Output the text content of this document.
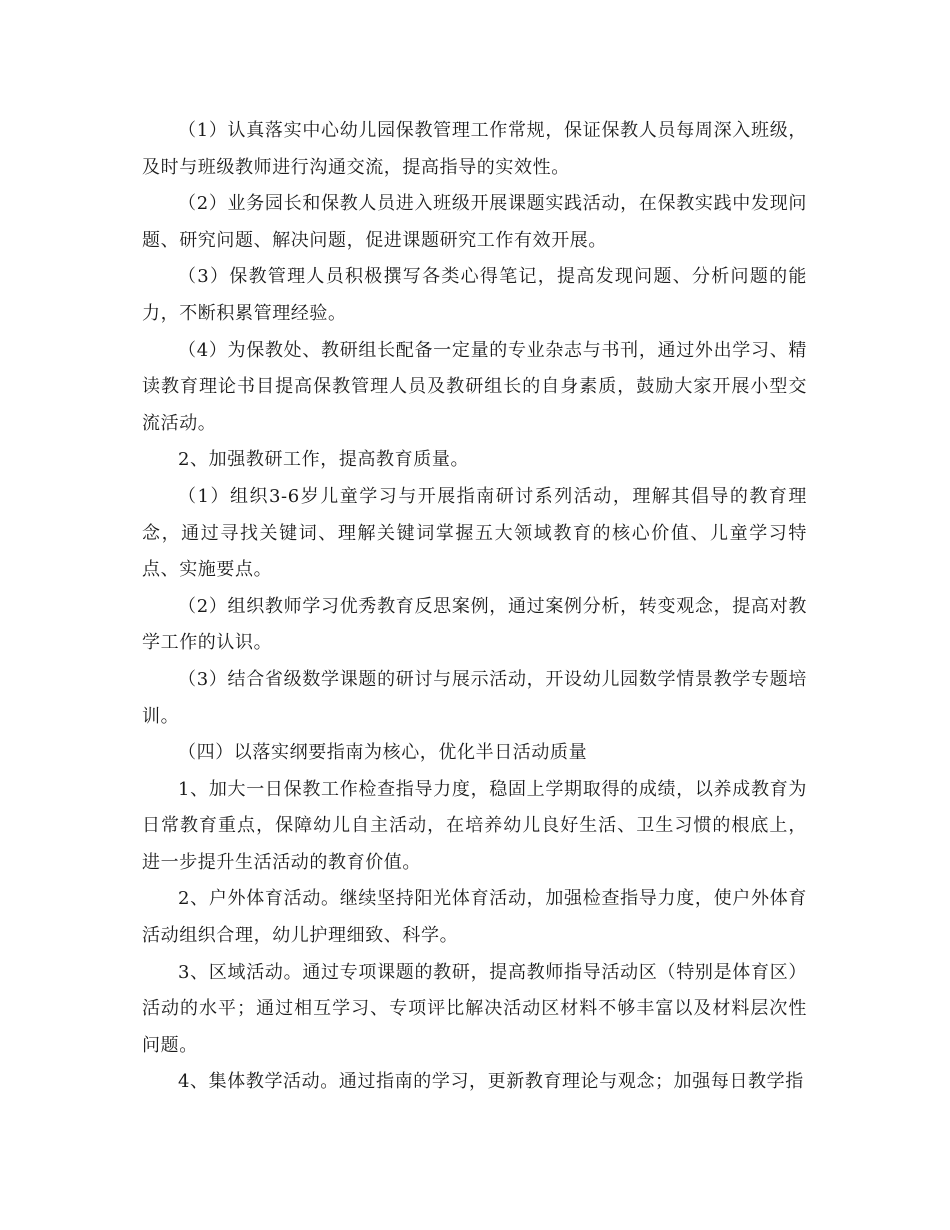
（1）认真落实中心幼儿园保教管理工作常规，保证保教人员每周深入班级，及时与班级教师进行沟通交流，提高指导的实效性。

（2）业务园长和保教人员进入班级开展课题实践活动，在保教实践中发现问题、研究问题、解决问题，促进课题研究工作有效开展。

（3）保教管理人员积极撰写各类心得笔记，提高发现问题、分析问题的能力，不断积累管理经验。

（4）为保教处、教研组长配备一定量的专业杂志与书刊，通过外出学习、精读教育理论书目提高保教管理人员及教研组长的自身素质，鼓励大家开展小型交流活动。

2、加强教研工作，提高教育质量。

（1）组织3-6岁儿童学习与开展指南研讨系列活动，理解其倡导的教育理念，通过寻找关键词、理解关键词掌握五大领域教育的核心价值、儿童学习特点、实施要点。

（2）组织教师学习优秀教育反思案例，通过案例分析，转变观念，提高对教学工作的认识。

（3）结合省级数学课题的研讨与展示活动，开设幼儿园数学情景教学专题培训。

（四）以落实纲要指南为核心，优化半日活动质量

1、加大一日保教工作检查指导力度，稳固上学期取得的成绩，以养成教育为日常教育重点，保障幼儿自主活动，在培养幼儿良好生活、卫生习惯的根底上，进一步提升生活活动的教育价值。

2、户外体育活动。继续坚持阳光体育活动，加强检查指导力度，使户外体育活动组织合理，幼儿护理细致、科学。

3、区域活动。通过专项课题的教研，提高教师指导活动区（特别是体育区）活动的水平；通过相互学习、专项评比解决活动区材料不够丰富以及材料层次性问题。

4、集体教学活动。通过指南的学习，更新教育理论与观念；加强每日教学指
